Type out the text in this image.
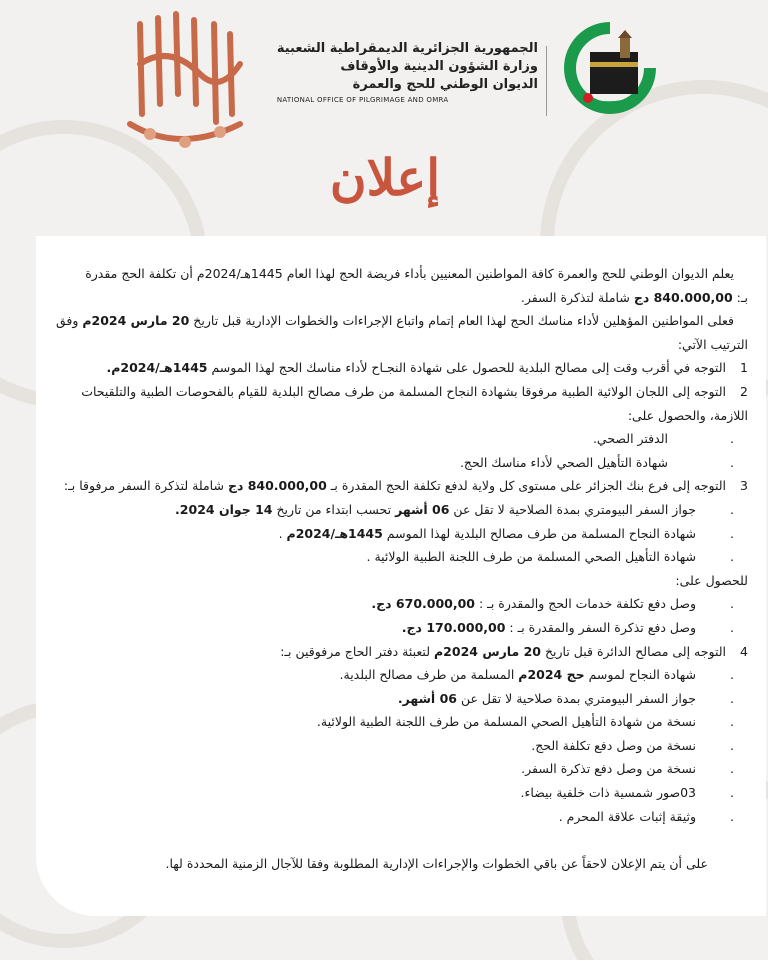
الجمهورية الجزائرية الديمقراطية الشعبية
وزارة الشؤون الدينية والأوقاف
الديوان الوطني للحج والعمرة
NATIONAL OFFICE OF PILGRIMAGE AND OMRA
إعلان

يعلم الديوان الوطني للحج والعمرة كافة المواطنين المعنيين بأداء فريضة الحج لهذا العام 1445هـ/2024م أن تكلفة الحج مقدرة

بـ: 840.000,00 دج شاملة لتذكرة السفر.

فعلى المواطنين المؤهلين لأداء مناسك الحج لهذا العام إتمام واتباع الإجراءات والخطوات الإدارية قبل تاريخ 20 مارس 2024م وفق

الترتيب الآتي:

1التوجه في أقرب وقت إلى مصالح البلدية للحصول على شهادة النجـاح لأداء مناسك الحج لهذا الموسم 1445هـ/2024م.
2التوجه إلى اللجان الولائية الطبية مرفوقا بشهادة النجاح المسلمة من طرف مصالح البلدية للقيام بالفحوصات الطبية والتلقيحات
اللازمة، والحصول على:
.
الدفتر الصحي.
.
شهادة التأهيل الصحي لأداء مناسك الحج.
3التوجه إلى فرع بنك الجزائر على مستوى كل ولاية لدفع تكلفة الحج المقدرة بـ 840.000,00 دج شاملة لتذكرة السفر مرفوقا بـ:
.
جواز السفر البيومتري بمدة الصلاحية لا تقل عن 06 أشهر تحسب ابتداء من تاريخ 14 جوان 2024.
.
شهادة النجاح المسلمة من طرف مصالح البلدية لهذا الموسم 1445هـ/2024م .
.
شهادة التأهيل الصحي المسلمة من طرف اللجنة الطبية الولائية .
للحصول على:
.
وصل دفع تكلفة خدمات الحج والمقدرة بـ : 670.000,00 دج.
.
وصل دفع تذكرة السفر والمقدرة بـ : 170.000,00 دج.
4التوجه إلى مصالح الدائرة قبل تاريخ 20 مارس 2024م لتعبئة دفتر الحاج مرفوقين بـ:
.
شهادة النجاح لموسم حج 2024م المسلمة من طرف مصالح البلدية.
.
جواز السفر البيومتري بمدة صلاحية لا تقل عن 06 أشهر.
.
نسخة من شهادة التأهيل الصحي المسلمة من طرف اللجنة الطبية الولائية.
.
نسخة من وصل دفع تكلفة الحج.
.
نسخة من وصل دفع تذكرة السفر.
.
03صور شمسية ذات خلفية بيضاء.
.
وثيقة إثبات علاقة المحرم .
على أن يتم الإعلان لاحقاً عن باقي الخطوات والإجراءات الإدارية المطلوبة وفقا للآجال الزمنية المحددة لها.
